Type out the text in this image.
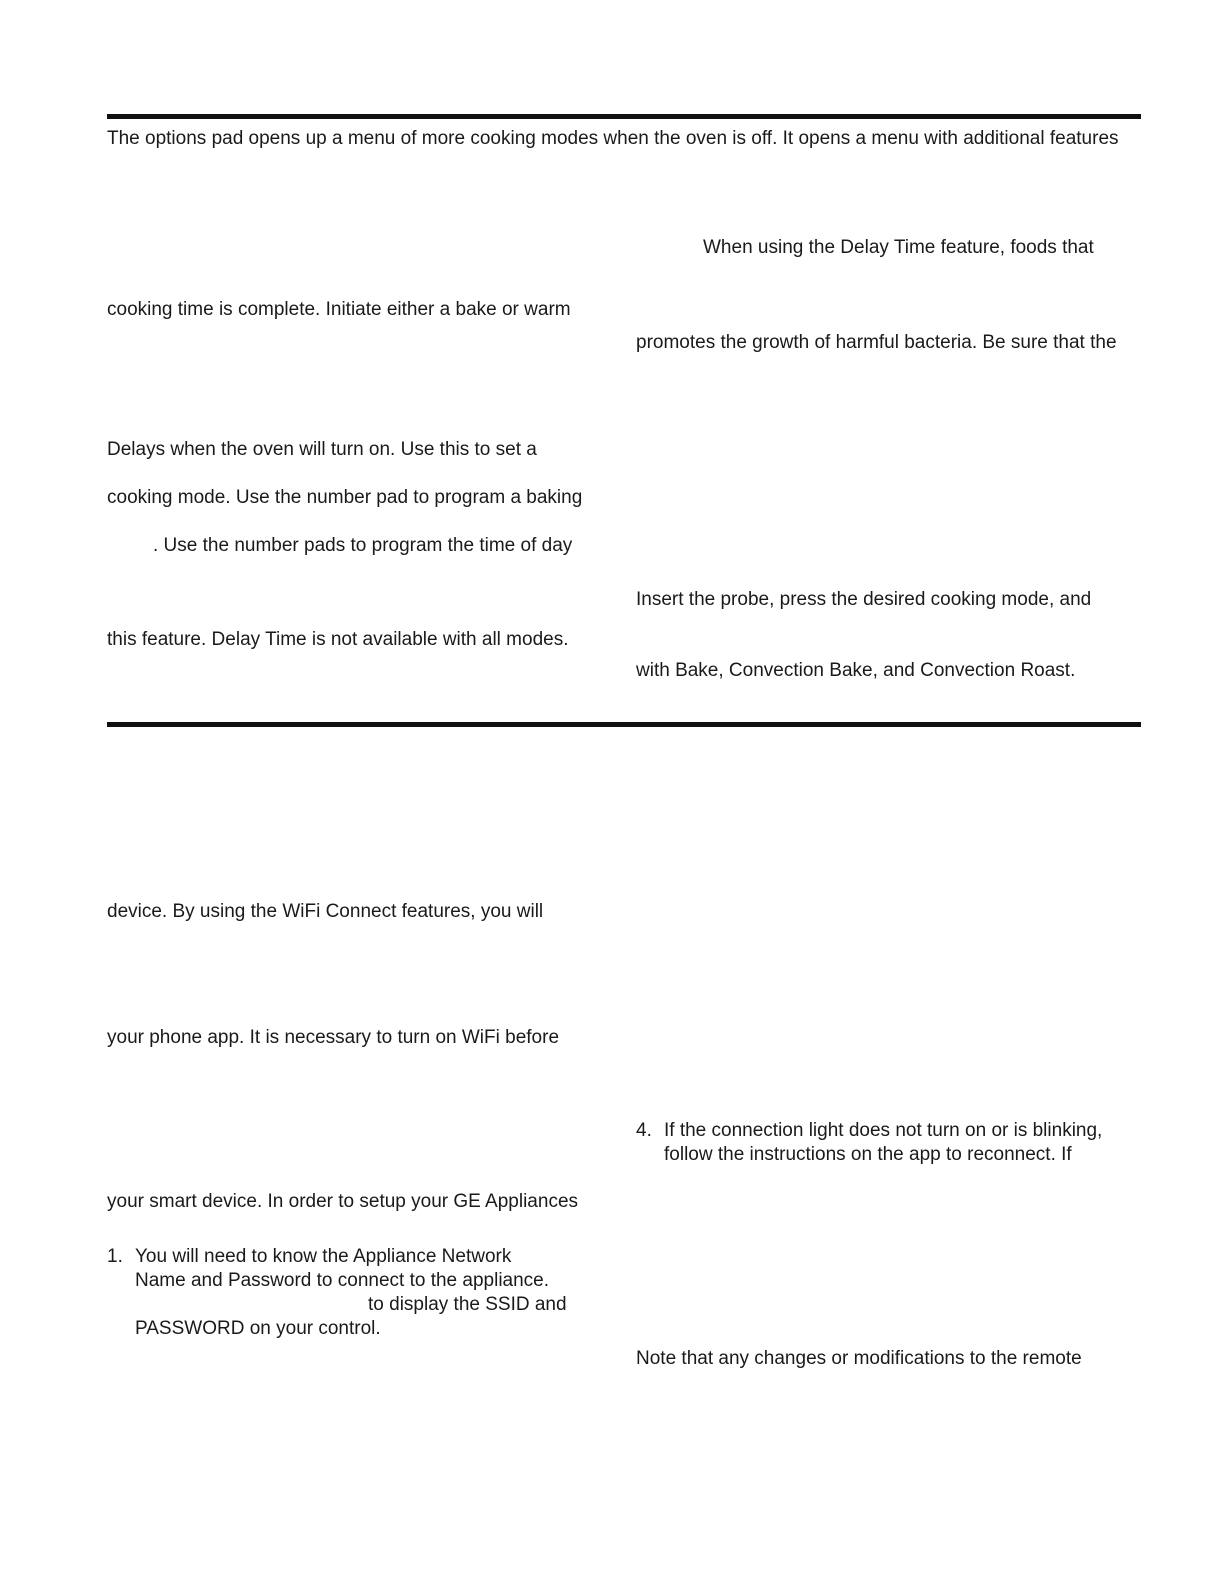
The options pad opens up a menu of more cooking modes when the oven is off. It opens a menu with additional features
When using the Delay Time feature, foods that
promotes the growth of harmful bacteria. Be sure that the
Insert the probe, press the desired cooking mode, and
with Bake, Convection Bake, and Convection Roast.
cooking time is complete. Initiate either a bake or warm
Delays when the oven will turn on. Use this to set a
cooking mode. Use the number pad to program a baking
. Use the number pads to program the time of day
this feature. Delay Time is not available with all modes.
device. By using the WiFi Connect features, you will
your phone app. It is necessary to turn on WiFi before
your smart device. In order to setup your GE Appliances
1. You will need to know the Appliance Network
Name and Password to connect to the appliance.
to display the SSID and
PASSWORD on your control.
4. If the connection light does not turn on or is blinking,
follow the instructions on the app to reconnect. If
Note that any changes or modifications to the remote
